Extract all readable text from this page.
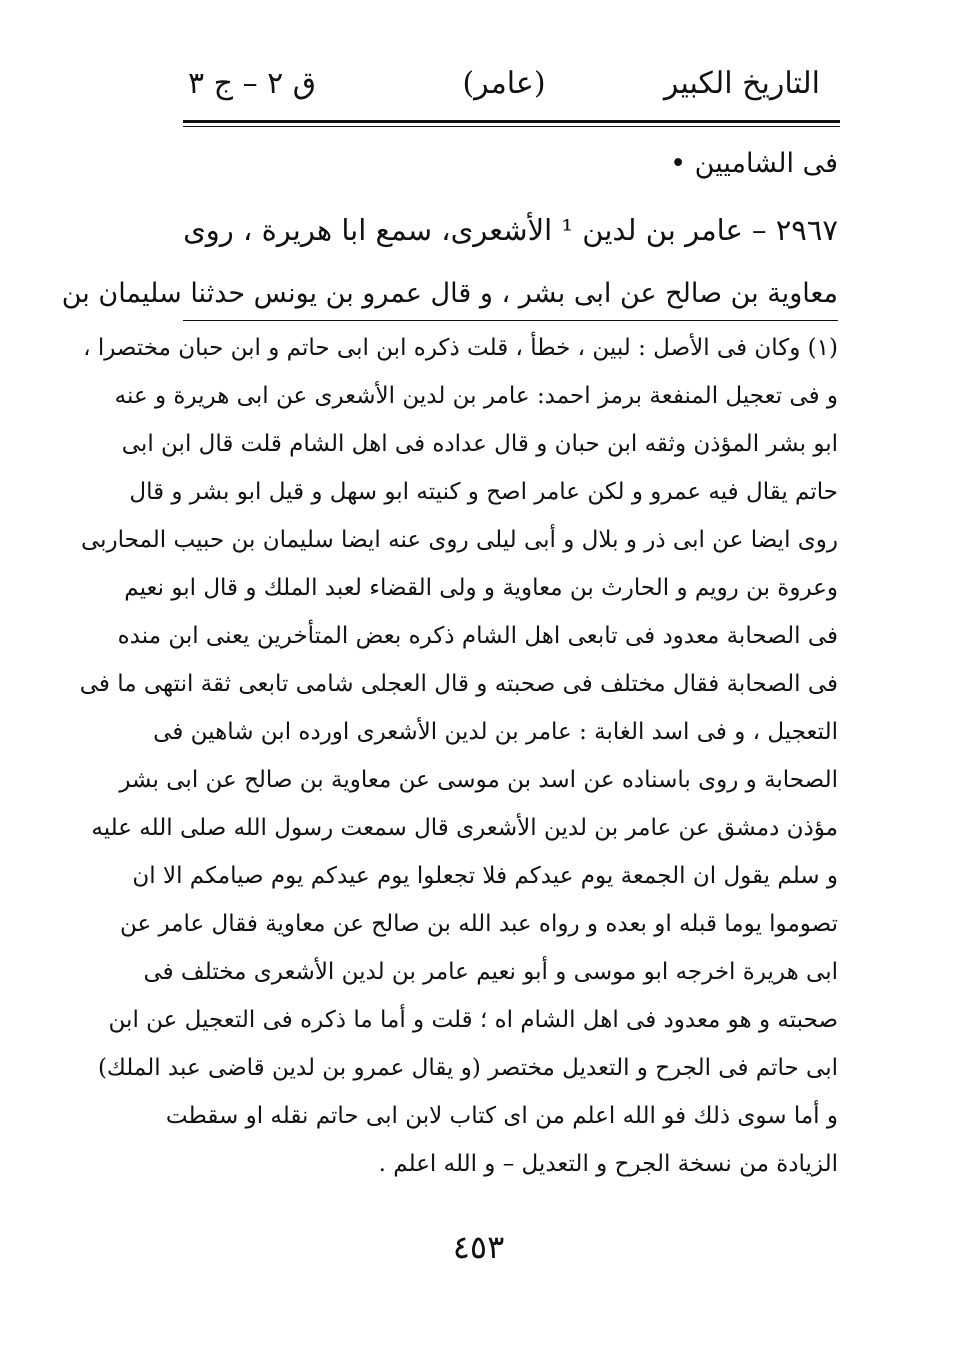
التاريخ الكبير
(عامر)
ق ٢ – ج ٣
فى الشاميين •
٢٩٦٧ – عامر بن لدين ¹ الأشعرى، سمع ابا هريرة ، روى
معاوية بن صالح عن ابى بشر ، و قال عمرو بن يونس حدثنا سليمان بن
(١) وكان فى الأصل : لبين ، خطأ ، قلت ذكره ابن ابى حاتم و ابن حبان مختصرا ،
و فى تعجيل المنفعة برمز احمد: عامر بن لدين الأشعرى عن ابى هريرة و عنه
ابو بشر المؤذن وثقه ابن حبان و قال عداده فى اهل الشام قلت قال ابن ابى
حاتم يقال فيه عمرو و لكن عامر اصح و كنيته ابو سهل و قيل ابو بشر و قال
روى ايضا عن ابى ذر و بلال و أبى ليلى روى عنه ايضا سليمان بن حبيب المحاربى
وعروة بن رويم و الحارث بن معاوية و ولى القضاء لعبد الملك و قال ابو نعيم
فى الصحابة معدود فى تابعى اهل الشام ذكره بعض المتأخرين يعنى ابن منده
فى الصحابة فقال مختلف فى صحبته و قال العجلى شامى تابعى ثقة انتهى ما فى
التعجيل ، و فى اسد الغابة : عامر بن لدين الأشعرى اورده ابن شاهين فى
الصحابة و روى باسناده عن اسد بن موسى عن معاوية بن صالح عن ابى بشر
مؤذن دمشق عن عامر بن لدين الأشعرى قال سمعت رسول الله صلى الله عليه
و سلم يقول ان الجمعة يوم عيدكم فلا تجعلوا يوم عيدكم يوم صيامكم الا ان
تصوموا يوما قبله او بعده و رواه عبد الله بن صالح عن معاوية فقال عامر عن
ابى هريرة اخرجه ابو موسى و أبو نعيم عامر بن لدين الأشعرى مختلف فى
صحبته و هو معدود فى اهل الشام اه ؛ قلت و أما ما ذكره فى التعجيل عن ابن
ابى حاتم فى الجرح و التعديل مختصر (و يقال عمرو بن لدين قاضى عبد الملك)
و أما سوى ذلك فو الله اعلم من اى كتاب لابن ابى حاتم نقله او سقطت
الزيادة من نسخة الجرح و التعديل – و الله اعلم .
٤٥٣
